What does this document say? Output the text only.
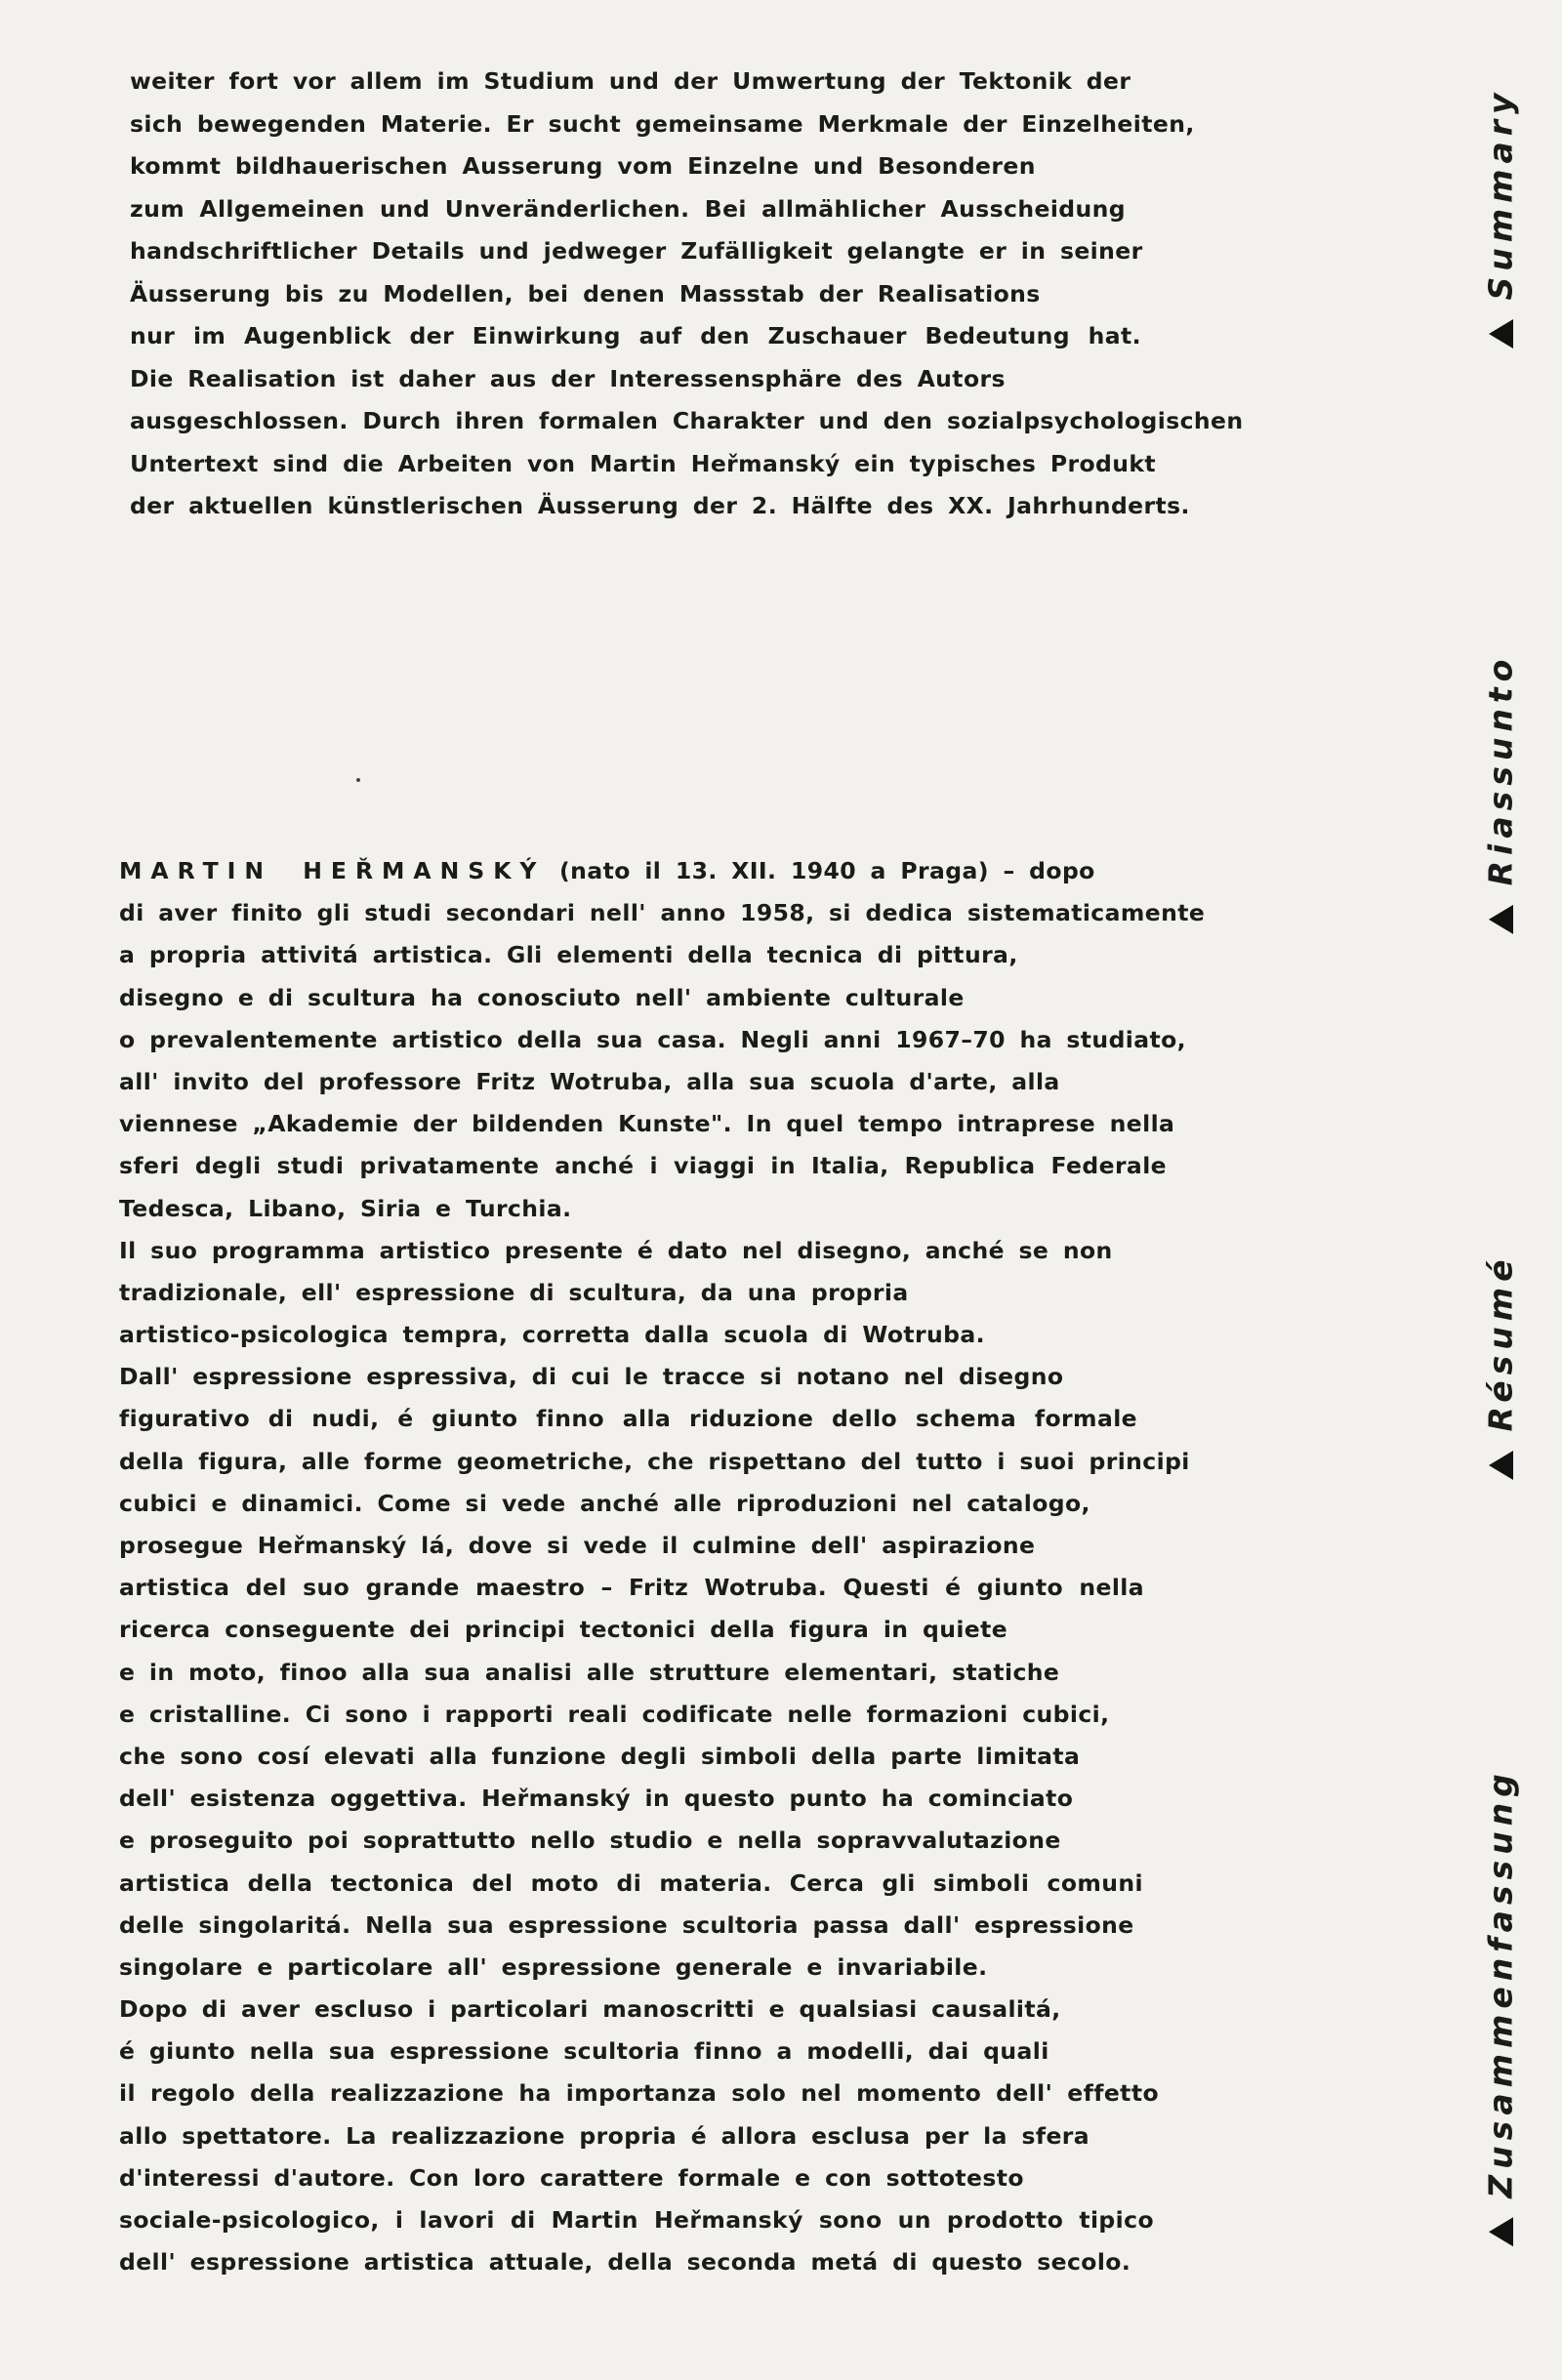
weiter fort vor allem im Studium und der Umwertung der Tektonik der
sich bewegenden Materie. Er sucht gemeinsame Merkmale der Einzelheiten,
kommt bildhauerischen Ausserung vom Einzelne und Besonderen
zum Allgemeinen und Unveränderlichen. Bei allmählicher Ausscheidung
handschriftlicher Details und jedweger Zufälligkeit gelangte er in seiner
Äusserung bis zu Modellen, bei denen Massstab der Realisations
nur im Augenblick der Einwirkung auf den Zuschauer Bedeutung hat.
Die Realisation ist daher aus der Interessensphäre des Autors
ausgeschlossen. Durch ihren formalen Charakter und den sozialpsychologischen
Untertext sind die Arbeiten von Martin Heřmanský ein typisches Produkt
der aktuellen künstlerischen Äusserung der 2. Hälfte des XX. Jahrhunderts.
MARTIN HEŘMANSKÝ (nato il 13. XII. 1940 a Praga) – dopo
di aver finito gli studi secondari nell' anno 1958, si dedica sistematicamente
a propria attivitá artistica. Gli elementi della tecnica di pittura,
disegno e di scultura ha conosciuto nell' ambiente culturale
o prevalentemente artistico della sua casa. Negli anni 1967–70 ha studiato,
all' invito del professore Fritz Wotruba, alla sua scuola d'arte, alla
viennese „Akademie der bildenden Kunste". In quel tempo intraprese nella
sferi degli studi privatamente anché i viaggi in Italia, Republica Federale
Tedesca, Libano, Siria e Turchia.
Il suo programma artistico presente é dato nel disegno, anché se non
tradizionale, ell' espressione di scultura, da una propria
artistico-psicologica tempra, corretta dalla scuola di Wotruba.
Dall' espressione espressiva, di cui le tracce si notano nel disegno
figurativo di nudi, é giunto finno alla riduzione dello schema formale
della figura, alle forme geometriche, che rispettano del tutto i suoi principi
cubici e dinamici. Come si vede anché alle riproduzioni nel catalogo,
prosegue Heřmanský lá, dove si vede il culmine dell' aspirazione
artistica del suo grande maestro – Fritz Wotruba. Questi é giunto nella
ricerca conseguente dei principi tectonici della figura in quiete
e in moto, finoo alla sua analisi alle strutture elementari, statiche
e cristalline. Ci sono i rapporti reali codificate nelle formazioni cubici,
che sono cosí elevati alla funzione degli simboli della parte limitata
dell' esistenza oggettiva. Heřmanský in questo punto ha cominciato
e proseguito poi soprattutto nello studio e nella sopravvalutazione
artistica della tectonica del moto di materia. Cerca gli simboli comuni
delle singolaritá. Nella sua espressione scultoria passa dall' espressione
singolare e particolare all' espressione generale e invariabile.
Dopo di aver escluso i particolari manoscritti e qualsiasi causalitá,
é giunto nella sua espressione scultoria finno a modelli, dai quali
il regolo della realizzazione ha importanza solo nel momento dell' effetto
allo spettatore. La realizzazione propria é allora esclusa per la sfera
d'interessi d'autore. Con loro carattere formale e con sottotesto
sociale-psicologico, i lavori di Martin Heřmanský sono un prodotto tipico
dell' espressione artistica attuale, della seconda metá di questo secolo.
Summary
Riassunto
Résumé
Zusammenfassung
